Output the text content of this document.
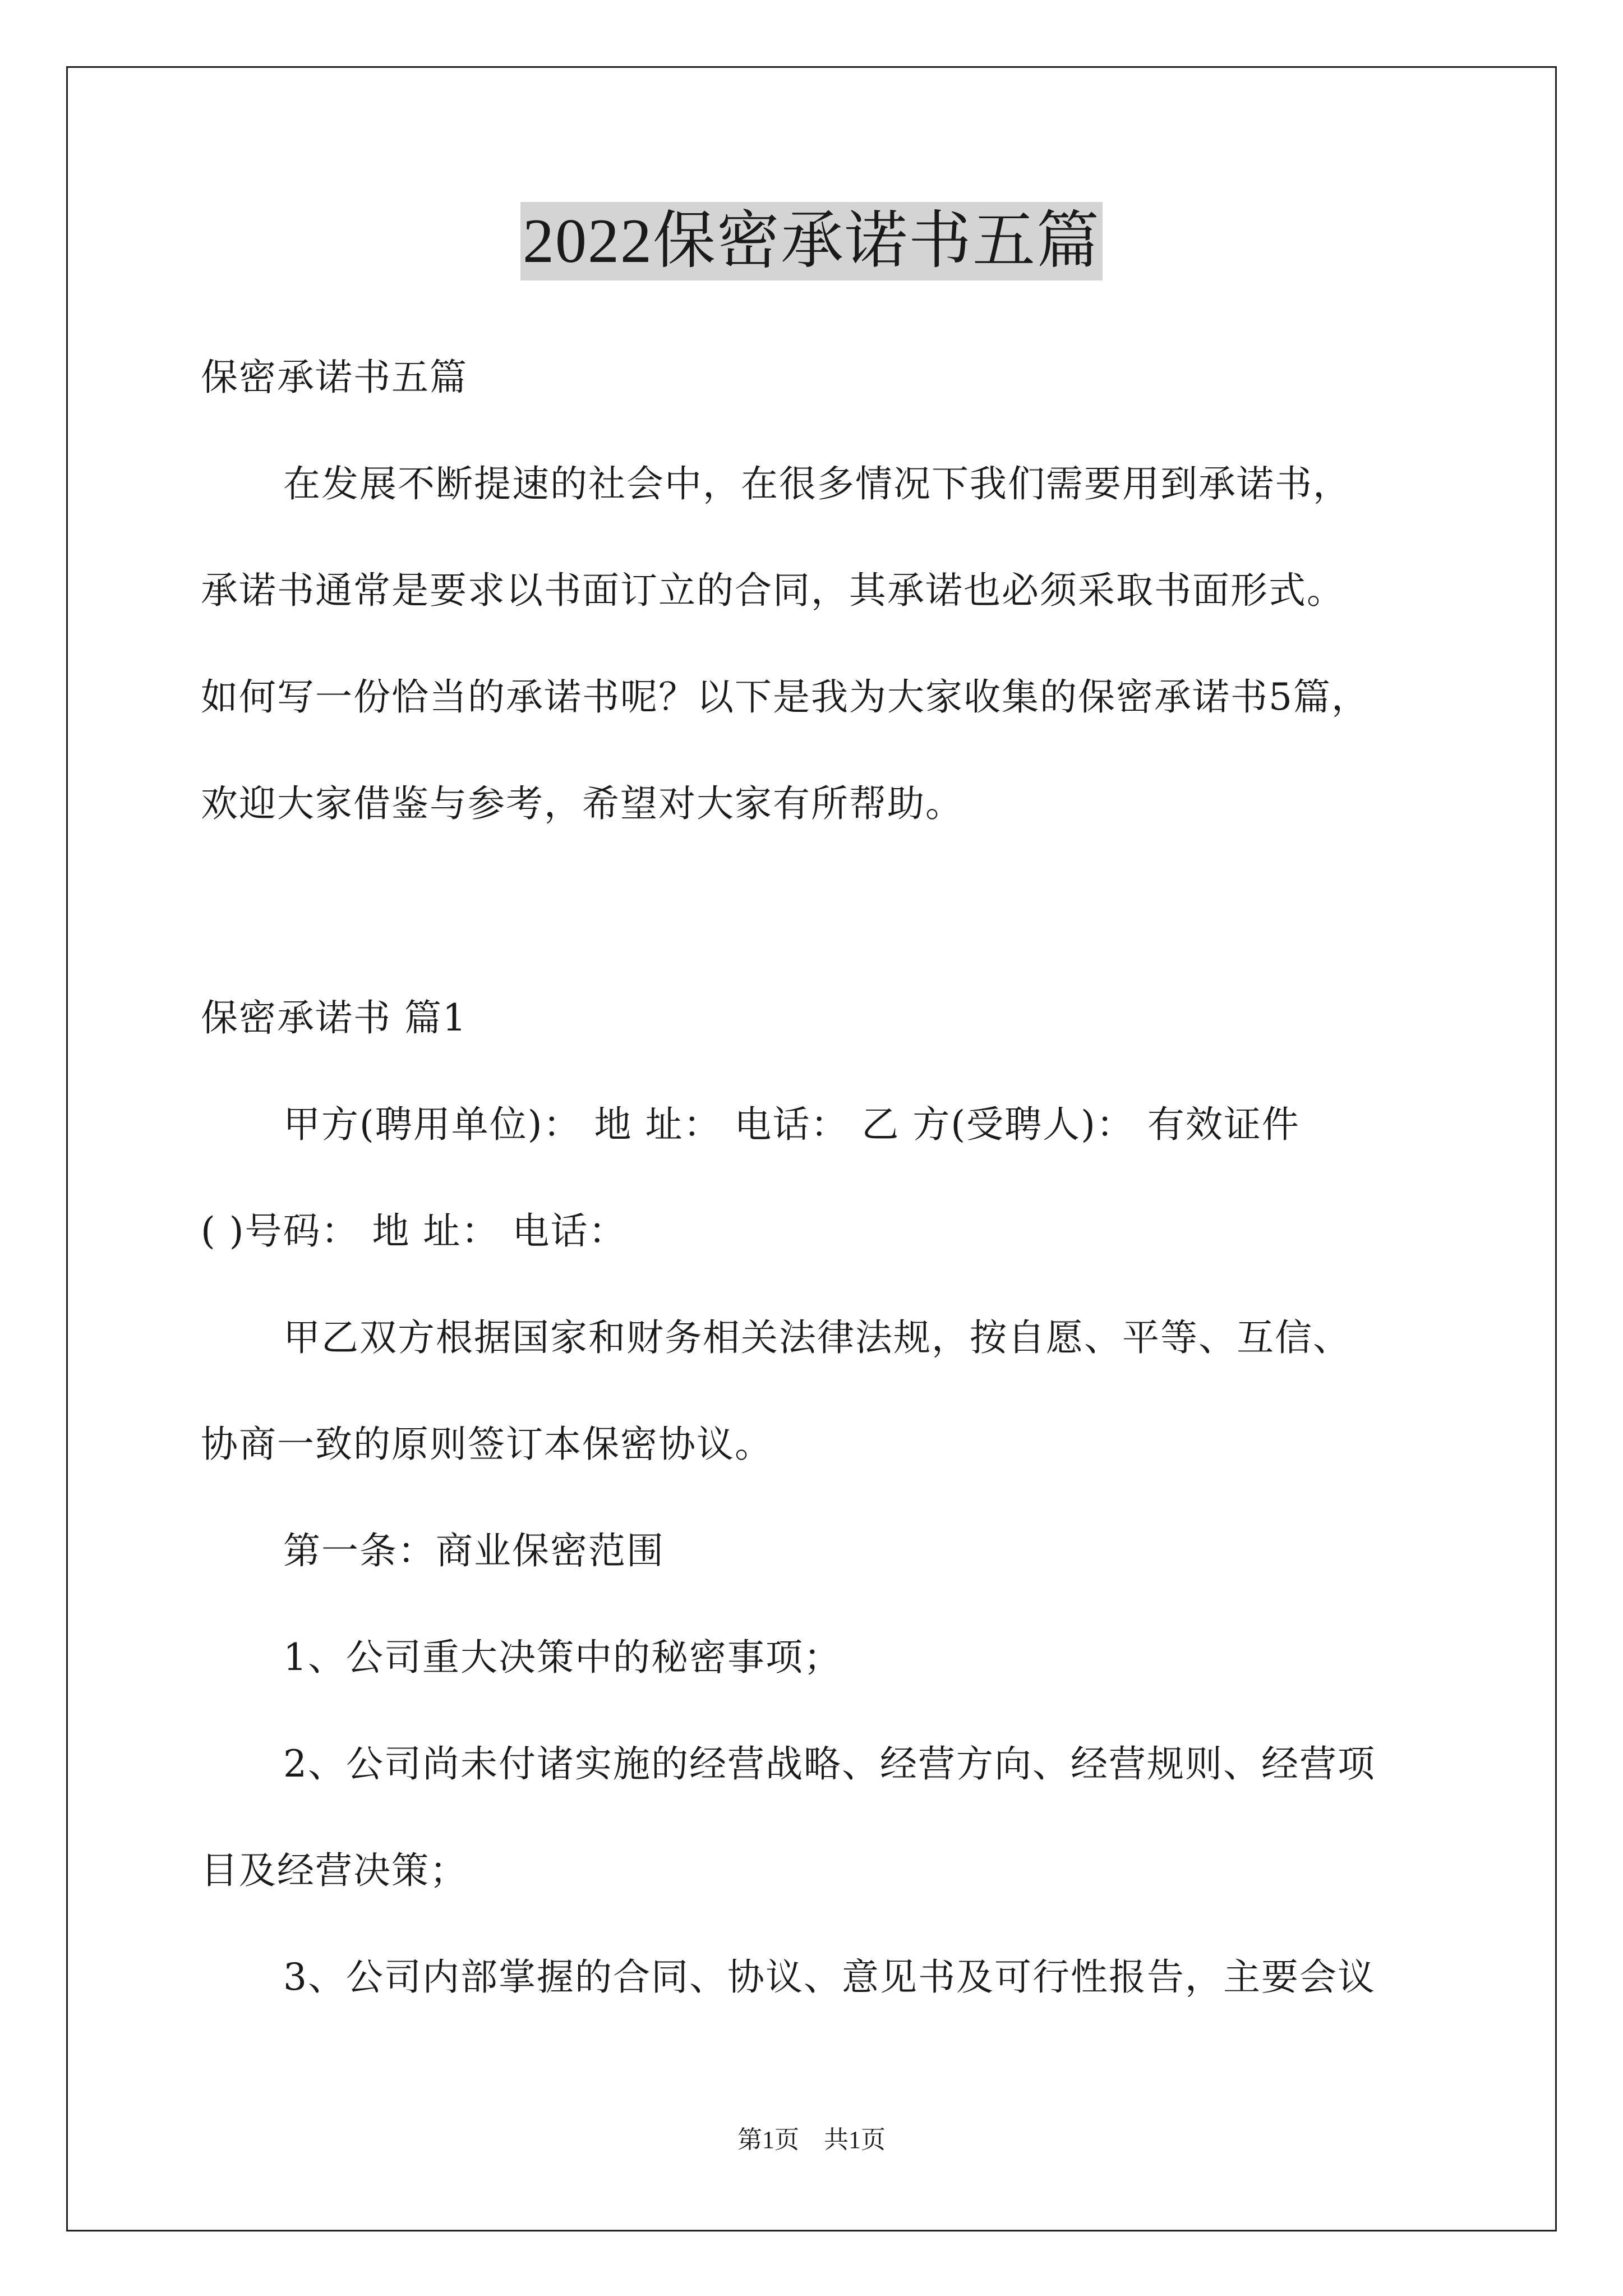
2022保密承诺书五篇
保密承诺书五篇
在发展不断提速的社会中，在很多情况下我们需要用到承诺书，
承诺书通常是要求以书面订立的合同，其承诺也必须采取书面形式。
如何写一份恰当的承诺书呢？以下是我为大家收集的保密承诺书5篇，
欢迎大家借鉴与参考，希望对大家有所帮助。
保密承诺书 篇1
甲方(聘用单位)： 地 址： 电话： 乙 方(受聘人)： 有效证件
( )号码： 地 址： 电话：
甲乙双方根据国家和财务相关法律法规，按自愿、平等、互信、
协商一致的原则签订本保密协议。
第一条：商业保密范围
1、公司重大决策中的秘密事项；
2、公司尚未付诸实施的经营战略、经营方向、经营规则、经营项
目及经营决策；
3、公司内部掌握的合同、协议、意见书及可行性报告，主要会议
第1页　共1页
